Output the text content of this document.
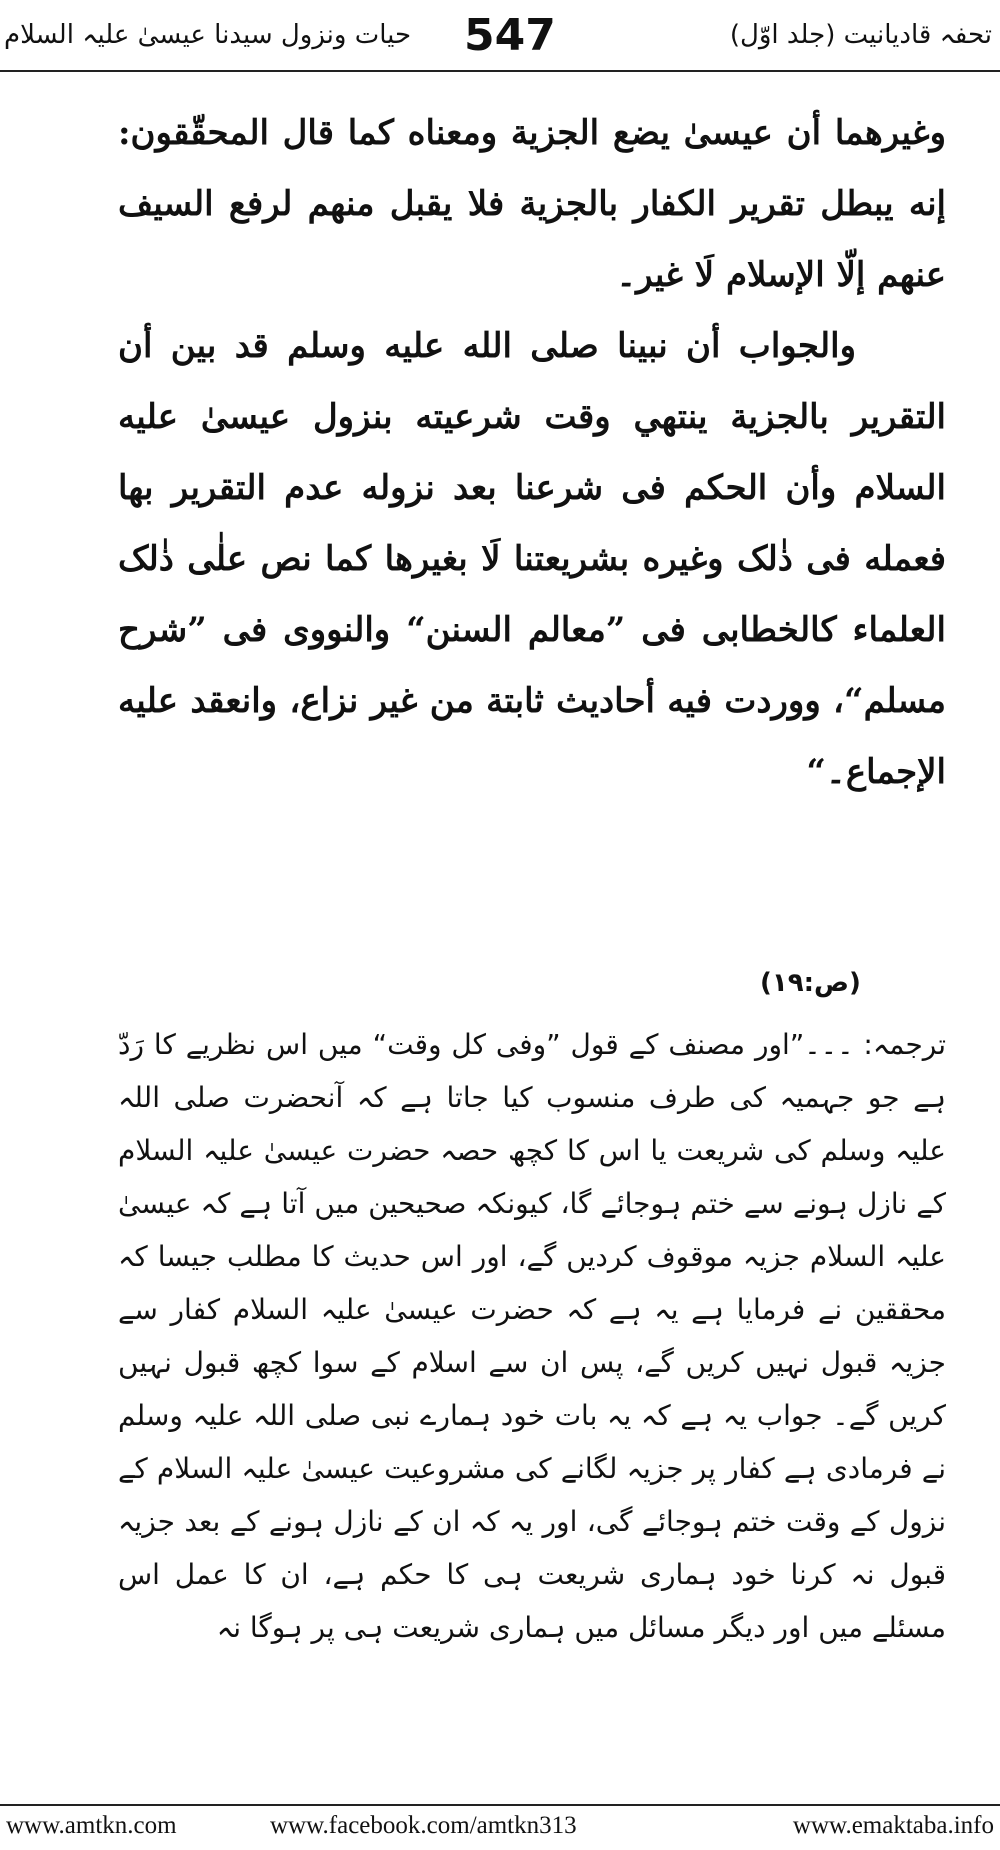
حیات ونزول سیدنا عیسیٰ علیہ السلام 547	تحفہ قادیانیت (جلد اوّل)

وغیرهما أن عیسیٰ یضع الجزیة ومعناه كما قال المحقّقون: إنه يبطل تقرير الكفار بالجزية فلا يقبل منهم لرفع السيف عنهم إلّا الإسلام لَا غير۔

والجواب أن نبينا صلى الله عليه وسلم قد بين أن التقرير بالجزية ينتهي وقت شرعيته بنزول عيسیٰ عليه السلام وأن الحكم فی شرعنا بعد نزوله عدم التقرير بها فعمله فی ذٰلک وغیره بشریعتنا لَا بغیرها كما نص علٰی ذٰلک العلماء كالخطابی فی ”معالم السنن“ والنووی فی ”شرح مسلم“، ووردت فیه أحادیث ثابتة من غير نزاع، وانعقد علیه الإجماع۔“

(ص:۱۹)

ترجمہ: ۔۔۔”اور مصنف کے قول ”وفی کل وقت“ میں اس نظریے کا رَدّ ہے جو جہمیہ کی طرف منسوب کیا جاتا ہے کہ آنحضرت صلی اللہ علیہ وسلم کی شریعت یا اس کا کچھ حصہ حضرت عیسیٰ علیہ السلام کے نازل ہونے سے ختم ہوجائے گا، کیونکہ صحیحین میں آتا ہے کہ عیسیٰ علیہ السلام جزیہ موقوف کردیں گے، اور اس حدیث کا مطلب جیسا کہ محققین نے فرمایا ہے یہ ہے کہ حضرت عیسیٰ علیہ السلام کفار سے جزیہ قبول نہیں کریں گے، پس ان سے اسلام کے سوا کچھ قبول نہیں کریں گے۔ جواب یہ ہے کہ یہ بات خود ہمارے نبی صلی اللہ علیہ وسلم نے فرمادی ہے کفار پر جزیہ لگانے کی مشروعیت عیسیٰ علیہ السلام کے نزول کے وقت ختم ہوجائے گی، اور یہ کہ ان کے نازل ہونے کے بعد جزیہ قبول نہ کرنا خود ہماری شریعت ہی کا حکم ہے، ان کا عمل اس مسئلے میں اور دیگر مسائل میں ہماری شریعت ہی پر ہوگا نہ

www.amtkn.com	www.facebook.com/amtkn313	www.emaktaba.info
